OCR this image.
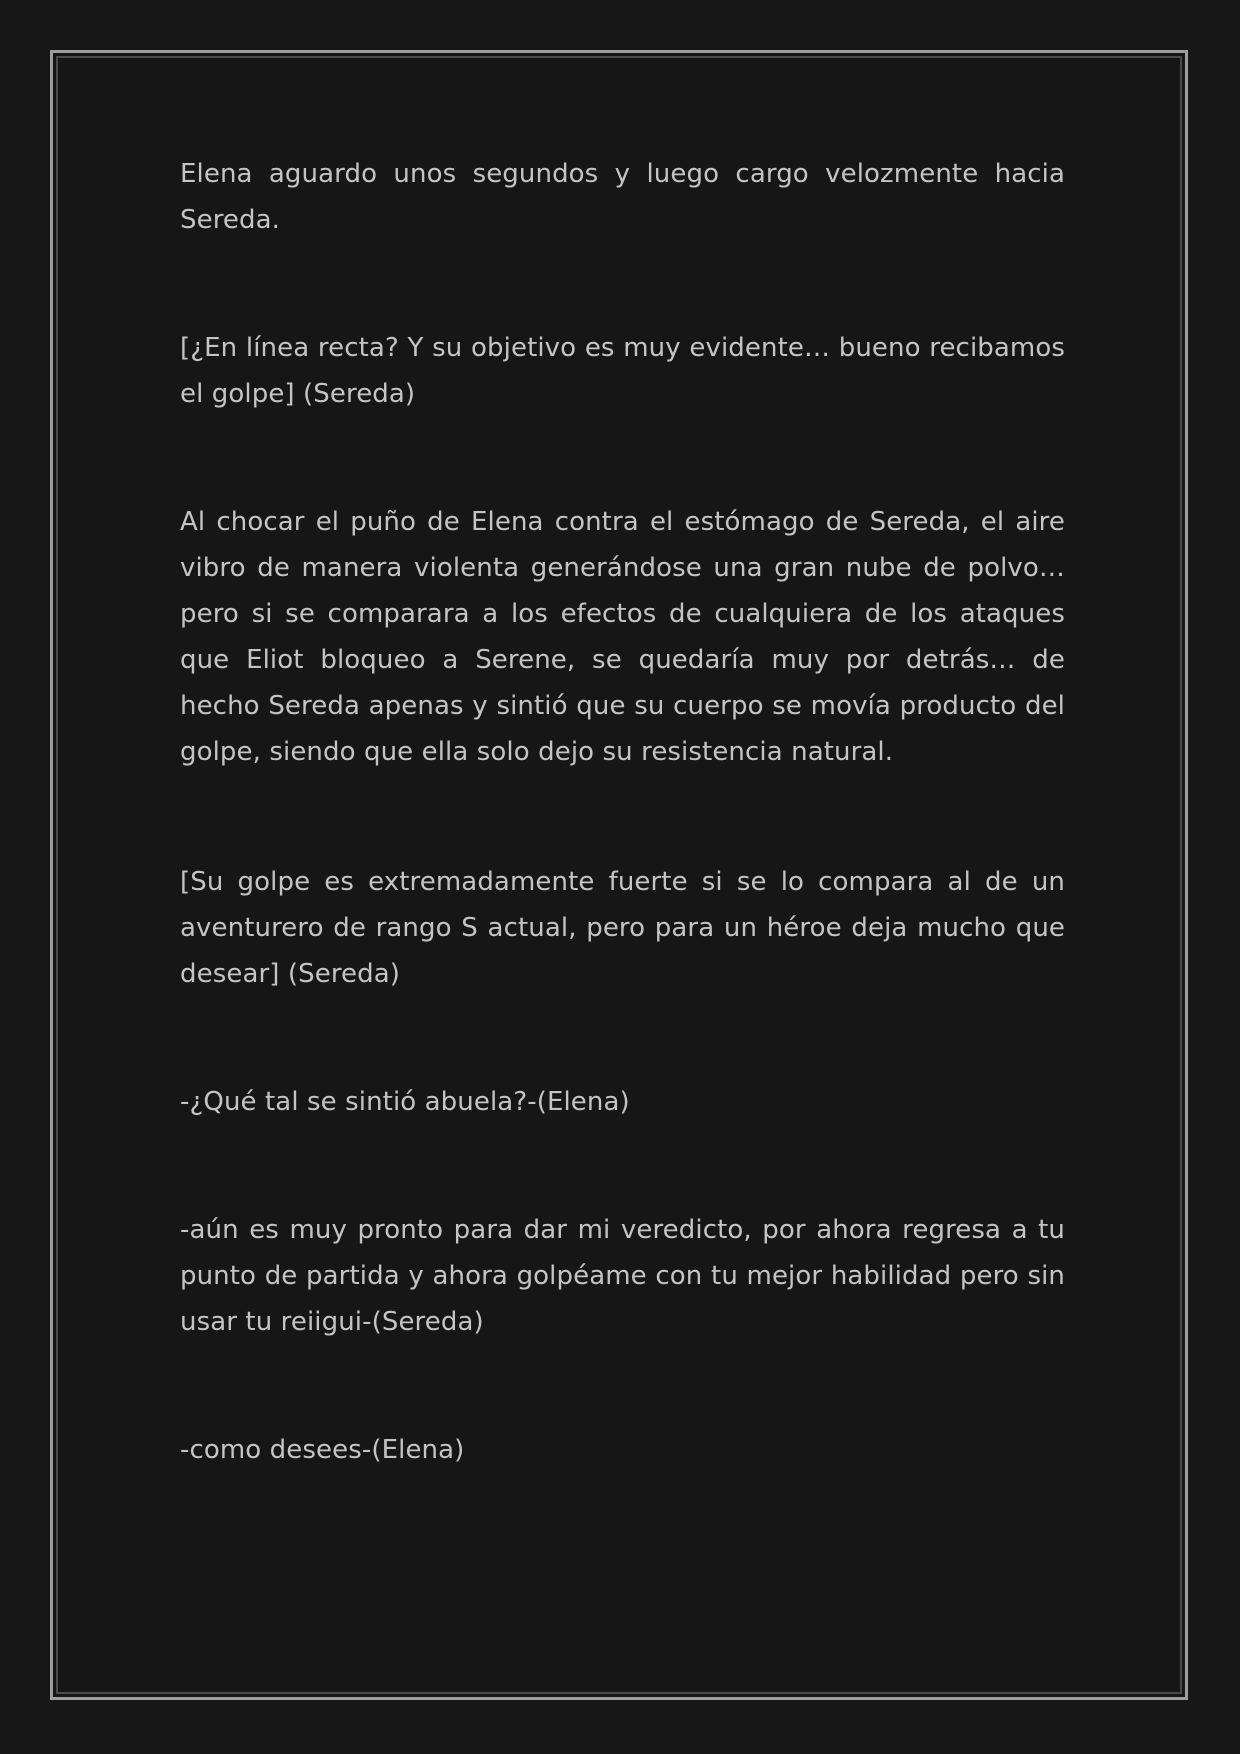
Elena aguardo unos segundos y luego cargo velozmente hacia Sereda.

[¿En línea recta? Y su objetivo es muy evidente… bueno recibamos el golpe] (Sereda)

Al chocar el puño de Elena contra el estómago de Sereda, el aire vibro de manera violenta generándose una gran nube de polvo… pero si se comparara a los efectos de cualquiera de los ataques que Eliot bloqueo a Serene, se quedaría muy por detrás… de hecho Sereda apenas y sintió que su cuerpo se movía producto del golpe, siendo que ella solo dejo su resistencia natural.

[Su golpe es extremadamente fuerte si se lo compara al de un aventurero de rango S actual, pero para un héroe deja mucho que desear] (Sereda)

-¿Qué tal se sintió abuela?-(Elena)

-aún es muy pronto para dar mi veredicto, por ahora regresa a tu punto de partida y ahora golpéame con tu mejor habilidad pero sin usar tu reiigui-(Sereda)

-como desees-(Elena)
